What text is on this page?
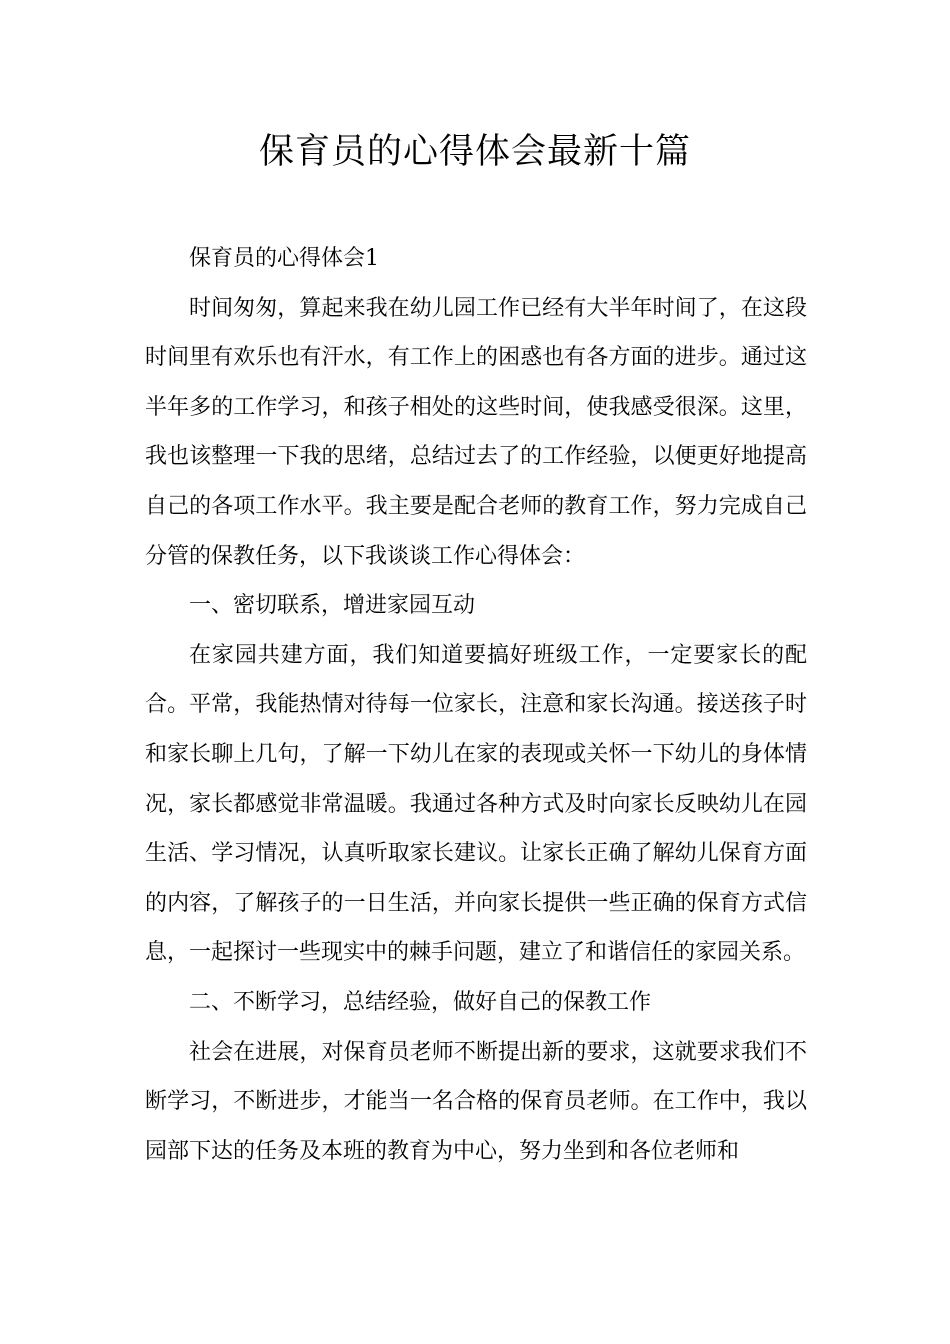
保育员的心得体会最新十篇

保育员的心得体会1

时间匆匆，算起来我在幼儿园工作已经有大半年时间了，在这段时间里有欢乐也有汗水，有工作上的困惑也有各方面的进步。通过这半年多的工作学习，和孩子相处的这些时间，使我感受很深。这里，我也该整理一下我的思绪，总结过去了的工作经验，以便更好地提高自己的各项工作水平。我主要是配合老师的教育工作，努力完成自己分管的保教任务，以下我谈谈工作心得体会：

一、密切联系，增进家园互动

在家园共建方面，我们知道要搞好班级工作，一定要家长的配合。平常，我能热情对待每一位家长，注意和家长沟通。接送孩子时和家长聊上几句，了解一下幼儿在家的表现或关怀一下幼儿的身体情况，家长都感觉非常温暖。我通过各种方式及时向家长反映幼儿在园生活、学习情况，认真听取家长建议。让家长正确了解幼儿保育方面的内容，了解孩子的一日生活，并向家长提供一些正确的保育方式信息，一起探讨一些现实中的棘手问题，建立了和谐信任的家园关系。

二、不断学习，总结经验，做好自己的保教工作

社会在进展，对保育员老师不断提出新的要求，这就要求我们不断学习，不断进步，才能当一名合格的保育员老师。在工作中，我以园部下达的任务及本班的教育为中心，努力坐到和各位老师和
